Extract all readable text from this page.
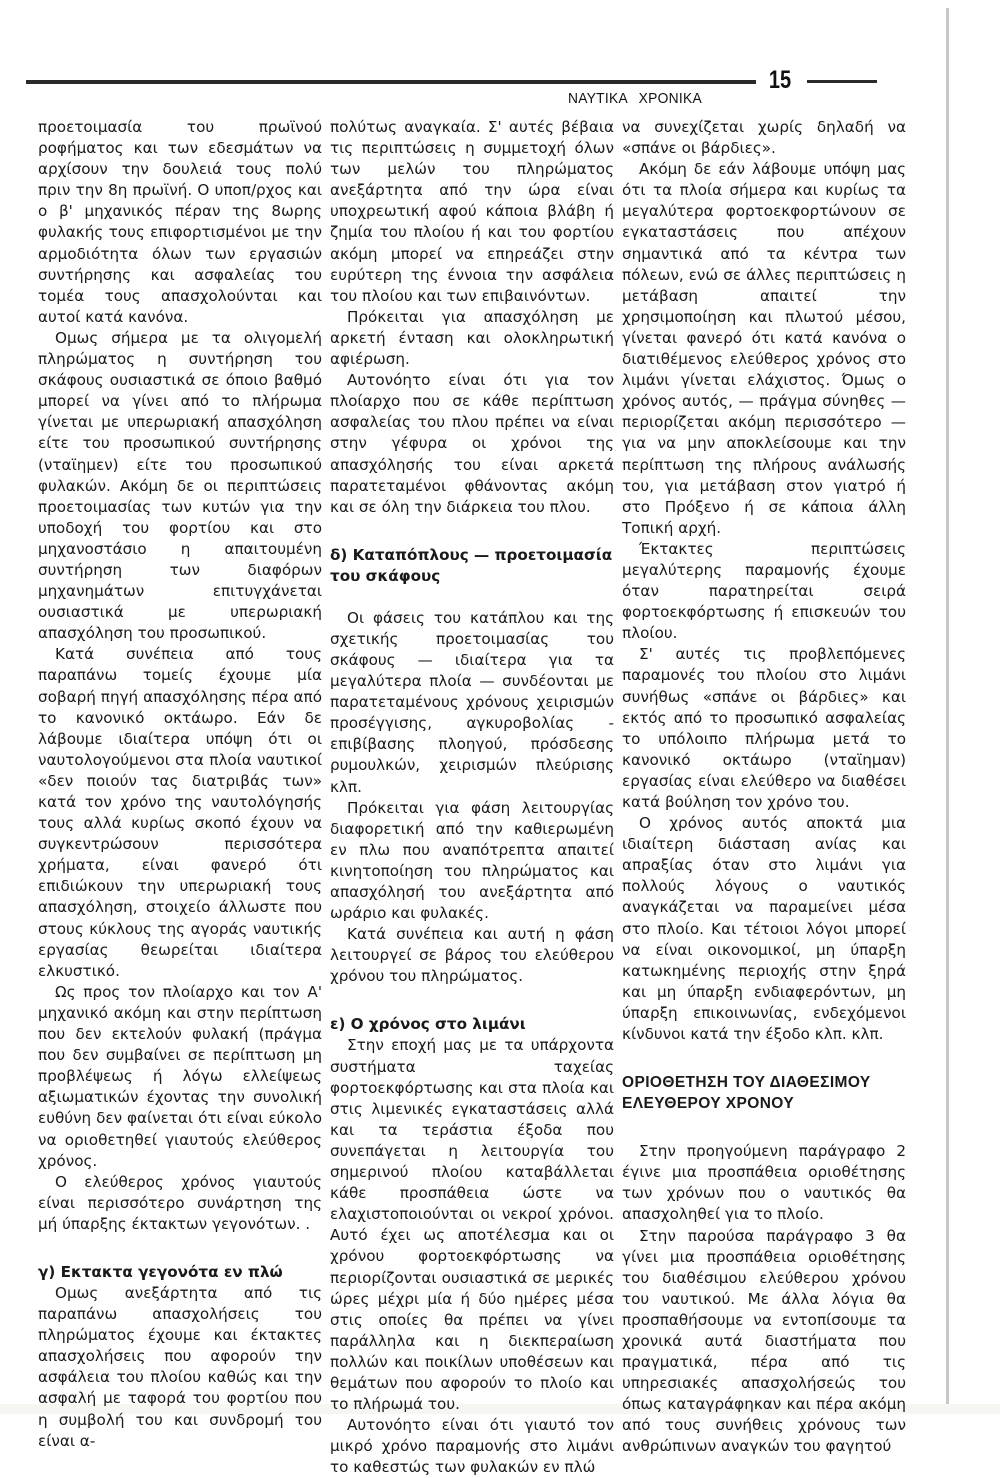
15
ΝΑΥΤΙΚΑ ΧΡΟΝΙΚΑ

προετοιμασία του πρωϊνού ροφήματος και των εδεσμάτων να αρχίσουν την δουλειά τους πολύ πριν την 8η πρωϊνή. Ο υποπ/ρχος και ο β' μηχανικός πέραν της 8ωρης φυλακής τους επιφορτισμένοι με την αρμοδιότητα όλων των εργασιών συντήρησης και ασφαλείας του τομέα τους απασχολούνται και αυτοί κατά κανόνα.

Ομως σήμερα με τα ολιγομελή πληρώματος η συντήρηση του σκάφους ουσιαστικά σε όποιο βαθμό μπορεί να γίνει από το πλήρωμα γίνεται με υπερωριακή απασχόληση είτε του προσωπικού συντήρησης (νταϊημεν) είτε του προσωπικού φυλακών. Ακόμη δε οι περιπτώσεις προετοιμασίας των κυτών για την υποδοχή του φορτίου και στο μηχανοστάσιο η απαιτουμένη συντήρηση των διαφόρων μηχανημάτων επιτυγχάνεται ουσιαστικά με υπερωριακή απασχόληση του προσωπικού.

Κατά συνέπεια από τους παραπάνω τομείς έχουμε μία σοβαρή πηγή απασχόλησης πέρα από το κανονικό οκτάωρο. Εάν δε λάβουμε ιδιαίτερα υπόψη ότι οι ναυτολογούμενοι στα πλοία ναυτικοί «δεν ποιούν τας διατριβάς των» κατά τον χρόνο της ναυτολόγησής τους αλλά κυρίως σκοπό έχουν να συγκεντρώσουν περισσότερα χρήματα, είναι φανερό ότι επιδιώκουν την υπερωριακή τους απασχόληση, στοιχείο άλλωστε που στους κύκλους της αγοράς ναυτικής εργασίας θεωρείται ιδιαίτερα ελκυστικό.

Ως προς τον πλοίαρχο και τον Α' μηχανικό ακόμη και στην περίπτωση που δεν εκτελούν φυλακή (πράγμα που δεν συμβαίνει σε περίπτωση μη προβλέψεως ή λόγω ελλείψεως αξιωματικών έχοντας την συνολική ευθύνη δεν φαίνεται ότι είναι εύκολο να οριοθετηθεί γιαυτούς ελεύθερος χρόνος.

Ο ελεύθερος χρόνος γιαυτούς είναι περισσότερο συνάρτηση της μή ύπαρξης έκτακτων γεγονότων. .

γ) Εκτακτα γεγονότα εν πλώ

Ομως ανεξάρτητα από τις παραπάνω απασχολήσεις του πληρώματος έχουμε και έκτακτες απασχολήσεις που αφορούν την ασφάλεια του πλοίου καθώς και την ασφαλή με ταφορά του φορτίου που η συμβολή του και συνδρομή του είναι α-

πολύτως αναγκαία. Σ' αυτές βέβαια τις περιπτώσεις η συμμετοχή όλων των μελών του πληρώματος ανεξάρτητα από την ώρα είναι υποχρεωτική αφού κάποια βλάβη ή ζημία του πλοίου ή και του φορτίου ακόμη μπορεί να επηρεάζει στην ευρύτερη της έννοια την ασφάλεια του πλοίου και των επιβαινόντων.

Πρόκειται για απασχόληση με αρκετή ένταση και ολοκληρωτική αφιέρωση.

Αυτονόητο είναι ότι για τον πλοίαρχο που σε κάθε περίπτωση ασφαλείας του πλου πρέπει να είναι στην γέφυρα οι χρόνοι της απασχόλησής του είναι αρκετά παρατεταμένοι φθάνοντας ακόμη και σε όλη την διάρκεια του πλου.

δ) Καταπόπλους — προετοιμασία του σκάφους

Οι φάσεις του κατάπλου και της σχετικής προετοιμασίας του σκάφους — ιδιαίτερα για τα μεγαλύτερα πλοία — συνδέονται με παρατεταμένους χρόνους χειρισμών προσέγγισης, αγκυροβολίας - επιβίβασης πλοηγού, πρόσδεσης ρυμουλκών, χειρισμών πλεύρισης κλπ.

Πρόκειται για φάση λειτουργίας διαφορετική από την καθιερωμένη εν πλω που αναπότρεπτα απαιτεί κινητοποίηση του πληρώματος και απασχόλησή του ανεξάρτητα από ωράριο και φυλακές.

Κατά συνέπεια και αυτή η φάση λειτουργεί σε βάρος του ελεύθερου χρόνου του πληρώματος.

ε) Ο χρόνος στο λιμάνι

Στην εποχή μας με τα υπάρχοντα συστήματα ταχείας φορτοεκφόρτωσης και στα πλοία και στις λιμενικές εγκαταστάσεις αλλά και τα τεράστια έξοδα που συνεπάγεται η λειτουργία του σημερινού πλοίου καταβάλλεται κάθε προσπάθεια ώστε να ελαχιστοποιούνται οι νεκροί χρόνοι. Αυτό έχει ως αποτέλεσμα και οι χρόνου φορτοεκφόρτωσης να περιορίζονται ουσιαστικά σε μερικές ώρες μέχρι μία ή δύο ημέρες μέσα στις οποίες θα πρέπει να γίνει παράλληλα και η διεκπεραίωση πολλών και ποικίλων υποθέσεων και θεμάτων που αφορούν το πλοίο και το πλήρωμά του.

Αυτονόητο είναι ότι γιαυτό τον μικρό χρόνο παραμονής στο λιμάνι το καθεστώς των φυλακών εν πλώ

να συνεχίζεται χωρίς δηλαδή να «σπάνε οι βάρδιες».

Ακόμη δε εάν λάβουμε υπόψη μας ότι τα πλοία σήμερα και κυρίως τα μεγαλύτερα φορτοεκφορτώνουν σε εγκαταστάσεις που απέχουν σημαντικά από τα κέντρα των πόλεων, ενώ σε άλλες περιπτώσεις η μετάβαση απαιτεί την χρησιμοποίηση και πλωτού μέσου, γίνεται φανερό ότι κατά κανόνα ο διατιθέμενος ελεύθερος χρόνος στο λιμάνι γίνεται ελάχιστος. Όμως ο χρόνος αυτός, — πράγμα σύνηθες — περιορίζεται ακόμη περισσότερο — για να μην αποκλείσουμε και την περίπτωση της πλήρους ανάλωσής του, για μετάβαση στον γιατρό ή στο Πρόξενο ή σε κάποια άλλη Τοπική αρχή.

Έκτακτες περιπτώσεις μεγαλύτερης παραμονής έχουμε όταν παρατηρείται σειρά φορτοεκφόρτωσης ή επισκευών του πλοίου.

Σ' αυτές τις προβλεπόμενες παραμονές του πλοίου στο λιμάνι συνήθως «σπάνε οι βάρδιες» και εκτός από το προσωπικό ασφαλείας το υπόλοιπο πλήρωμα μετά το κανονικό οκτάωρο (νταϊημαν) εργασίας είναι ελεύθερο να διαθέσει κατά βούληση τον χρόνο του.

Ο χρόνος αυτός αποκτά μια ιδιαίτερη διάσταση ανίας και απραξίας όταν στο λιμάνι για πολλούς λόγους ο ναυτικός αναγκάζεται να παραμείνει μέσα στο πλοίο. Και τέτοιοι λόγοι μπορεί να είναι οικονομικοί, μη ύπαρξη κατωκημένης περιοχής στην ξηρά και μη ύπαρξη ενδιαφερόντων, μη ύπαρξη επικοινωνίας, ενδεχόμενοι κίνδυνοι κατά την έξοδο κλπ. κλπ.

ΟΡΙΟΘΕΤΗΣΗ ΤΟΥ ΔΙΑΘΕΣΙΜΟΥ ΕΛΕΥΘΕΡΟΥ ΧΡΟΝΟΥ

Στην προηγούμενη παράγραφο 2 έγινε μια προσπάθεια οριοθέτησης των χρόνων που ο ναυτικός θα απασχοληθεί για το πλοίο.

Στην παρούσα παράγραφο 3 θα γίνει μια προσπάθεια οριοθέτησης του διαθέσιμου ελεύθερου χρόνου του ναυτικού. Με άλλα λόγια θα προσπαθήσουμε να εντοπίσουμε τα χρονικά αυτά διαστήματα που πραγματικά, πέρα από τις υπηρεσιακές απασχολήσεώς του όπως καταγράφηκαν και πέρα ακόμη από τους συνήθεις χρόνους των ανθρώπινων αναγκών του φαγητού
